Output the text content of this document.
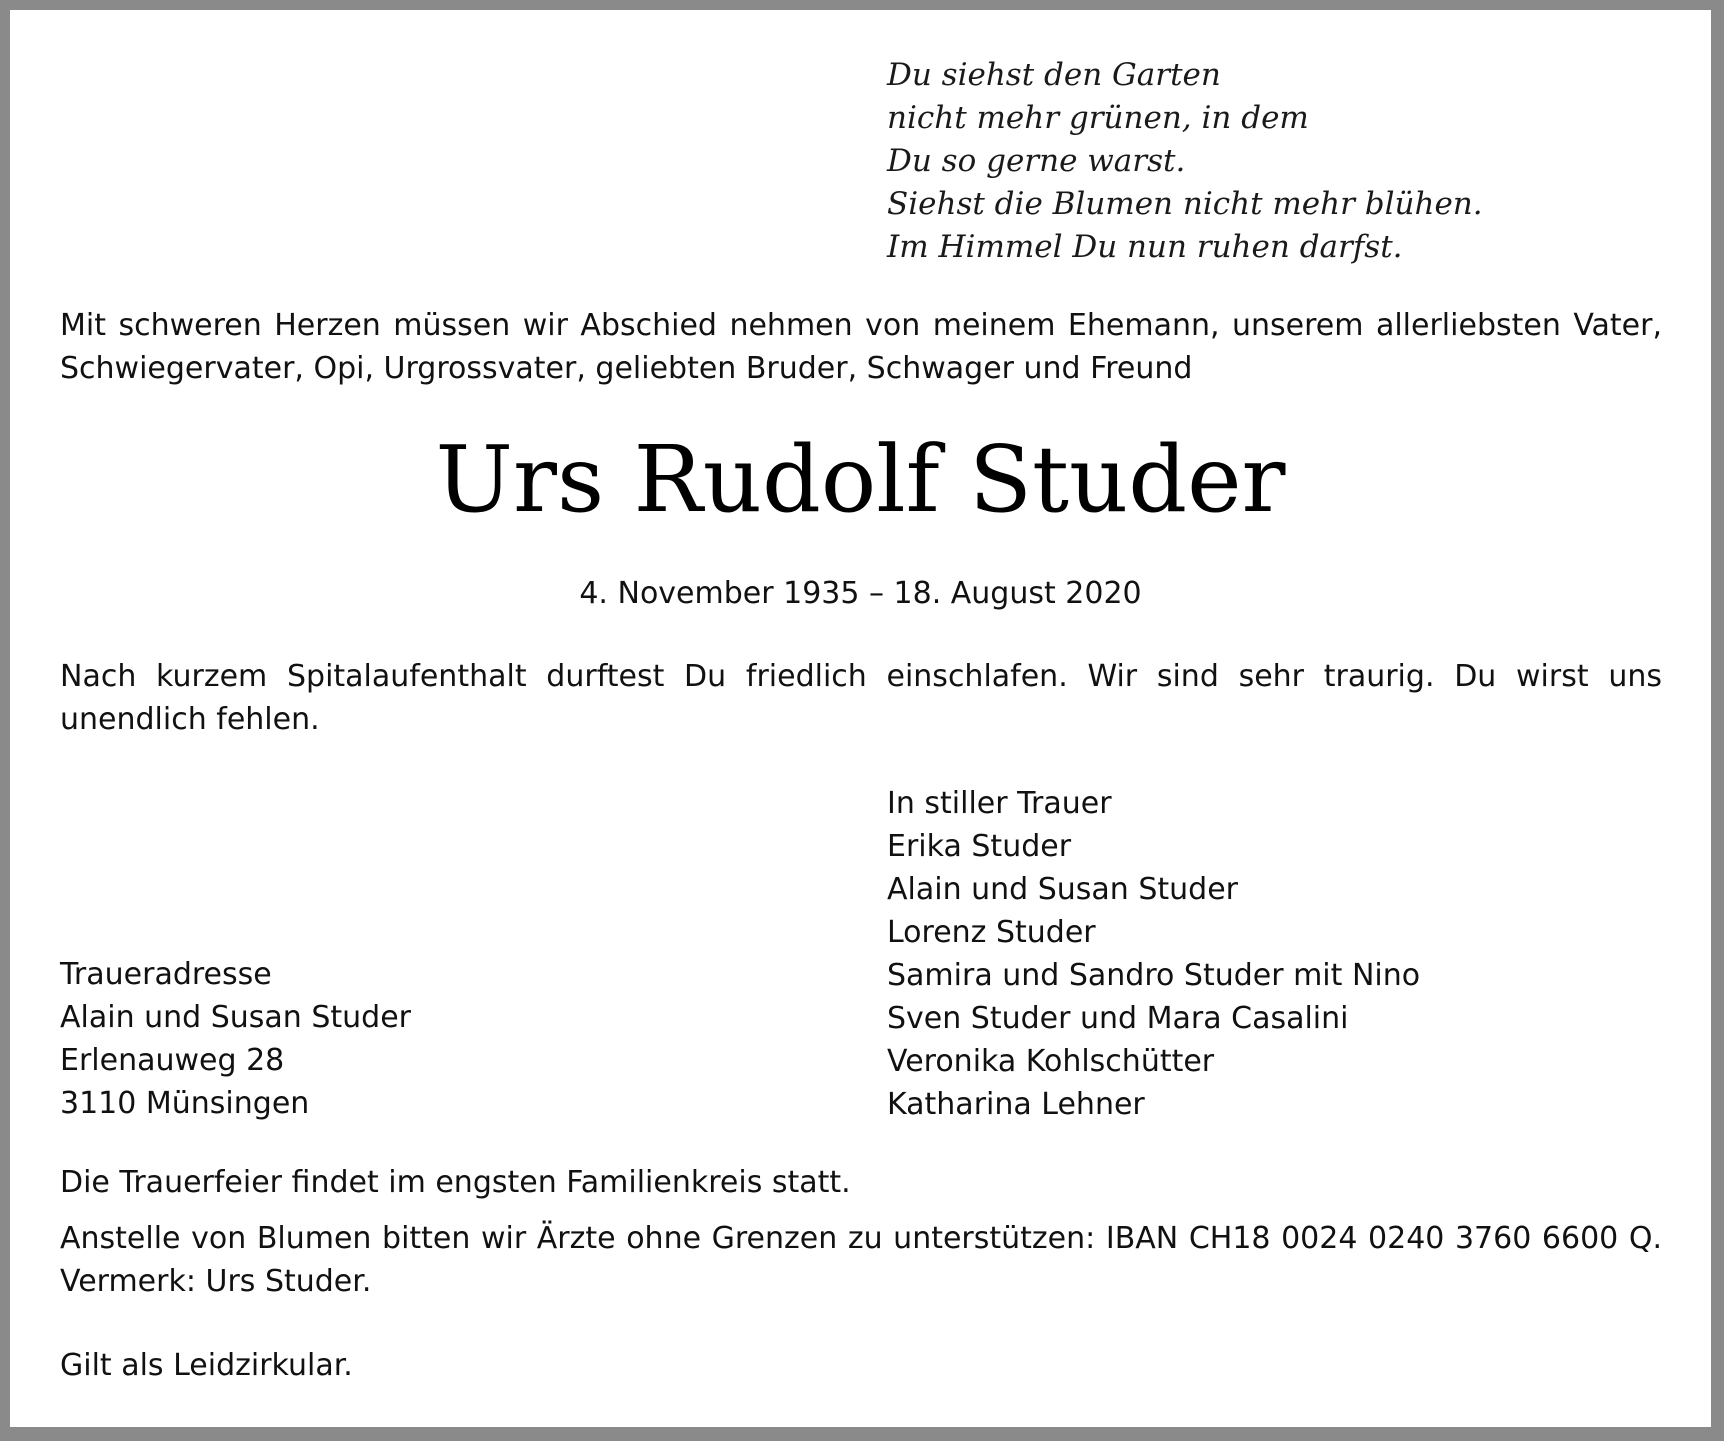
Du siehst den Garten
nicht mehr grünen, in dem
Du so gerne warst.
Siehst die Blumen nicht mehr blühen.
Im Himmel Du nun ruhen darfst.
Mit schweren Herzen müssen wir Abschied nehmen von meinem Ehemann, unserem allerliebsten Vater, Schwiegervater, Opi, Urgrossvater, geliebten Bruder, Schwager und Freund
Urs Rudolf Studer
4. November 1935 – 18. August 2020
Nach kurzem Spitalaufenthalt durftest Du friedlich einschlafen. Wir sind sehr traurig. Du wirst uns unendlich fehlen.
In stiller Trauer
Erika Studer
Alain und Susan Studer
Lorenz Studer
Samira und Sandro Studer mit Nino
Sven Studer und Mara Casalini
Veronika Kohlschütter
Katharina Lehner
Traueradresse
Alain und Susan Studer
Erlenauweg 28
3110 Münsingen
Die Trauerfeier findet im engsten Familienkreis statt.
Anstelle von Blumen bitten wir Ärzte ohne Grenzen zu unterstützen: IBAN CH18 0024 0240 3760 6600 Q. Vermerk: Urs Studer.
Gilt als Leidzirkular.
